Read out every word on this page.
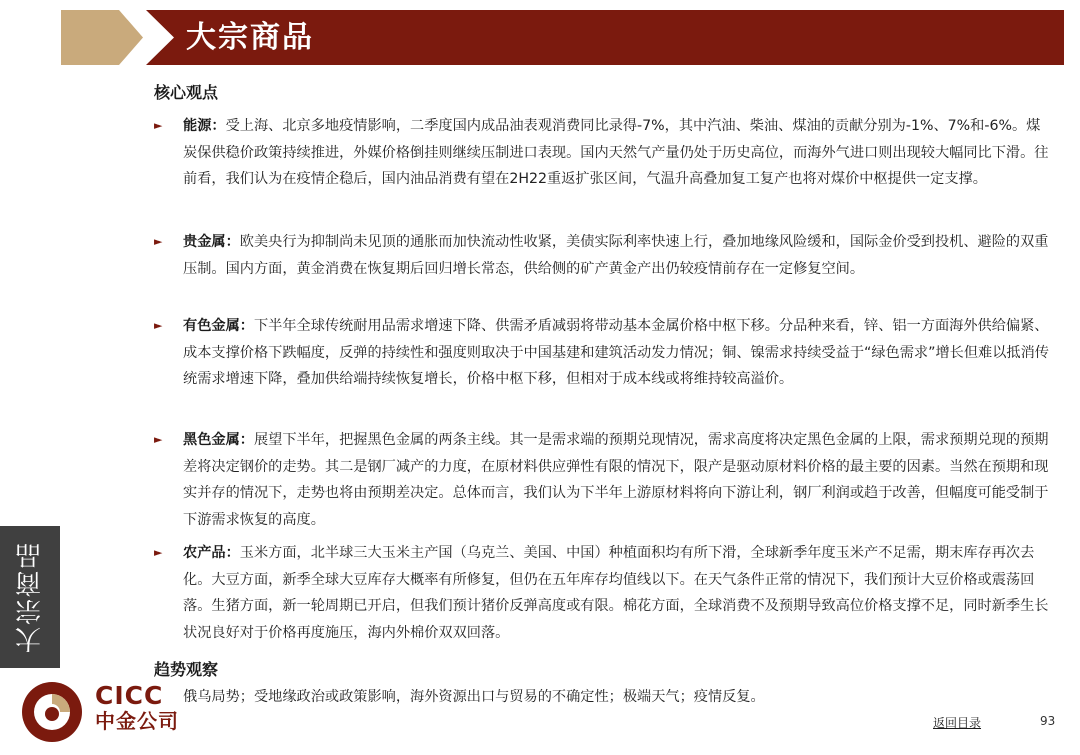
大宗商品
大宗商品
核心观点
► 能源：受上海、北京多地疫情影响，二季度国内成品油表观消费同比录得-7%，其中汽油、柴油、煤油的贡献分别为-1%、7%和-6%。煤炭保供稳价政策持续推进，外媒价格倒挂则继续压制进口表现。国内天然气产量仍处于历史高位，而海外气进口则出现较大幅同比下滑。往前看，我们认为在疫情企稳后，国内油品消费有望在2H22重返扩张区间，气温升高叠加复工复产也将对煤价中枢提供一定支撑。
► 贵金属：欧美央行为抑制尚未见顶的通胀而加快流动性收紧，美债实际利率快速上行，叠加地缘风险缓和，国际金价受到投机、避险的双重压制。国内方面，黄金消费在恢复期后回归增长常态，供给侧的矿产黄金产出仍较疫情前存在一定修复空间。
► 有色金属：下半年全球传统耐用品需求增速下降、供需矛盾减弱将带动基本金属价格中枢下移。分品种来看，锌、铝一方面海外供给偏紧、成本支撑价格下跌幅度，反弹的持续性和强度则取决于中国基建和建筑活动发力情况；铜、镍需求持续受益于“绿色需求”增长但难以抵消传统需求增速下降，叠加供给端持续恢复增长，价格中枢下移，但相对于成本线或将维持较高溢价。
► 黑色金属：展望下半年，把握黑色金属的两条主线。其一是需求端的预期兑现情况，需求高度将决定黑色金属的上限，需求预期兑现的预期差将决定钢价的走势。其二是钢厂减产的力度，在原材料供应弹性有限的情况下，限产是驱动原材料价格的最主要的因素。当然在预期和现实并存的情况下，走势也将由预期差决定。总体而言，我们认为下半年上游原材料将向下游让利，钢厂利润或趋于改善，但幅度可能受制于下游需求恢复的高度。
► 农产品：玉米方面，北半球三大玉米主产国（乌克兰、美国、中国）种植面积均有所下滑，全球新季年度玉米产不足需，期末库存再次去化。大豆方面，新季全球大豆库存大概率有所修复，但仍在五年库存均值线以下。在天气条件正常的情况下，我们预计大豆价格或震荡回落。生猪方面，新一轮周期已开启，但我们预计猪价反弹高度或有限。棉花方面，全球消费不及预期导致高位价格支撑不足，同时新季生长状况良好对于价格再度施压，海内外棉价双双回落。
趋势观察
俄乌局势；受地缘政治或政策影响，海外资源出口与贸易的不确定性；极端天气；疫情反复。
CICC
中金公司	返回目录	93
